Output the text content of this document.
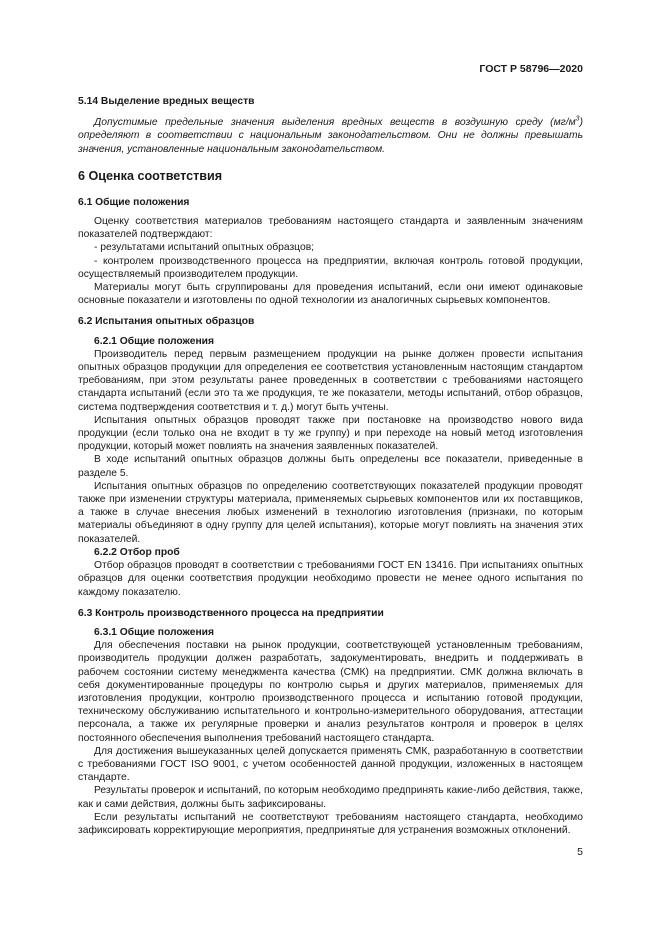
ГОСТ Р 58796—2020
5.14 Выделение вредных веществ

Допустимые предельные значения выделения вредных веществ в воздушную среду $(мг/м^3)$ определяют в соответствии с национальным законодательством. Они не должны превышать значения, установленные национальным законодательством.

6 Оценка соответствия
6.1 Общие положения

Оценку соответствия материалов требованиям настоящего стандарта и заявленным значениям показателей подтверждают:

- результатами испытаний опытных образцов;

- контролем производственного процесса на предприятии, включая контроль готовой продукции, осуществляемый производителем продукции.

Материалы могут быть сгруппированы для проведения испытаний, если они имеют одинаковые основные показатели и изготовлены по одной технологии из аналогичных сырьевых компонентов.

6.2 Испытания опытных образцов
6.2.1 Общие положения

Производитель перед первым размещением продукции на рынке должен провести испытания опытных образцов продукции для определения ее соответствия установленным настоящим стандартом требованиям, при этом результаты ранее проведенных в соответствии с требованиями настоящего стандарта испытаний (если это та же продукция, те же показатели, методы испытаний, отбор образцов, система подтверждения соответствия и т. д.) могут быть учтены.

Испытания опытных образцов проводят также при постановке на производство нового вида продукции (если только она не входит в ту же группу) и при переходе на новый метод изготовления продукции, который может повлиять на значения заявленных показателей.

В ходе испытаний опытных образцов должны быть определены все показатели, приведенные в разделе 5.

Испытания опытных образцов по определению соответствующих показателей продукции проводят также при изменении структуры материала, применяемых сырьевых компонентов или их поставщиков, а также в случае внесения любых изменений в технологию изготовления (признаки, по которым материалы объединяют в одну группу для целей испытания), которые могут повлиять на значения этих показателей.

6.2.2 Отбор проб

Отбор образцов проводят в соответствии с требованиями ГОСТ EN 13416. При испытаниях опытных образцов для оценки соответствия продукции необходимо провести не менее одного испытания по каждому показателю.

6.3 Контроль производственного процесса на предприятии
6.3.1 Общие положения

Для обеспечения поставки на рынок продукции, соответствующей установленным требованиям, производитель продукции должен разработать, задокументировать, внедрить и поддерживать в рабочем состоянии систему менеджмента качества (СМК) на предприятии. СМК должна включать в себя документированные процедуры по контролю сырья и других материалов, применяемых для изготовления продукции, контролю производственного процесса и испытанию готовой продукции, техническому обслуживанию испытательного и контрольно-измерительного оборудования, аттестации персонала, а также их регулярные проверки и анализ результатов контроля и проверок в целях постоянного обеспечения выполнения требований настоящего стандарта.

Для достижения вышеуказанных целей допускается применять СМК, разработанную в соответствии с требованиями ГОСТ ISO 9001, с учетом особенностей данной продукции, изложенных в настоящем стандарте.

Результаты проверок и испытаний, по которым необходимо предпринять какие-либо действия, также, как и сами действия, должны быть зафиксированы.

Если результаты испытаний не соответствуют требованиям настоящего стандарта, необходимо зафиксировать корректирующие мероприятия, предпринятые для устранения возможных отклонений.

5
